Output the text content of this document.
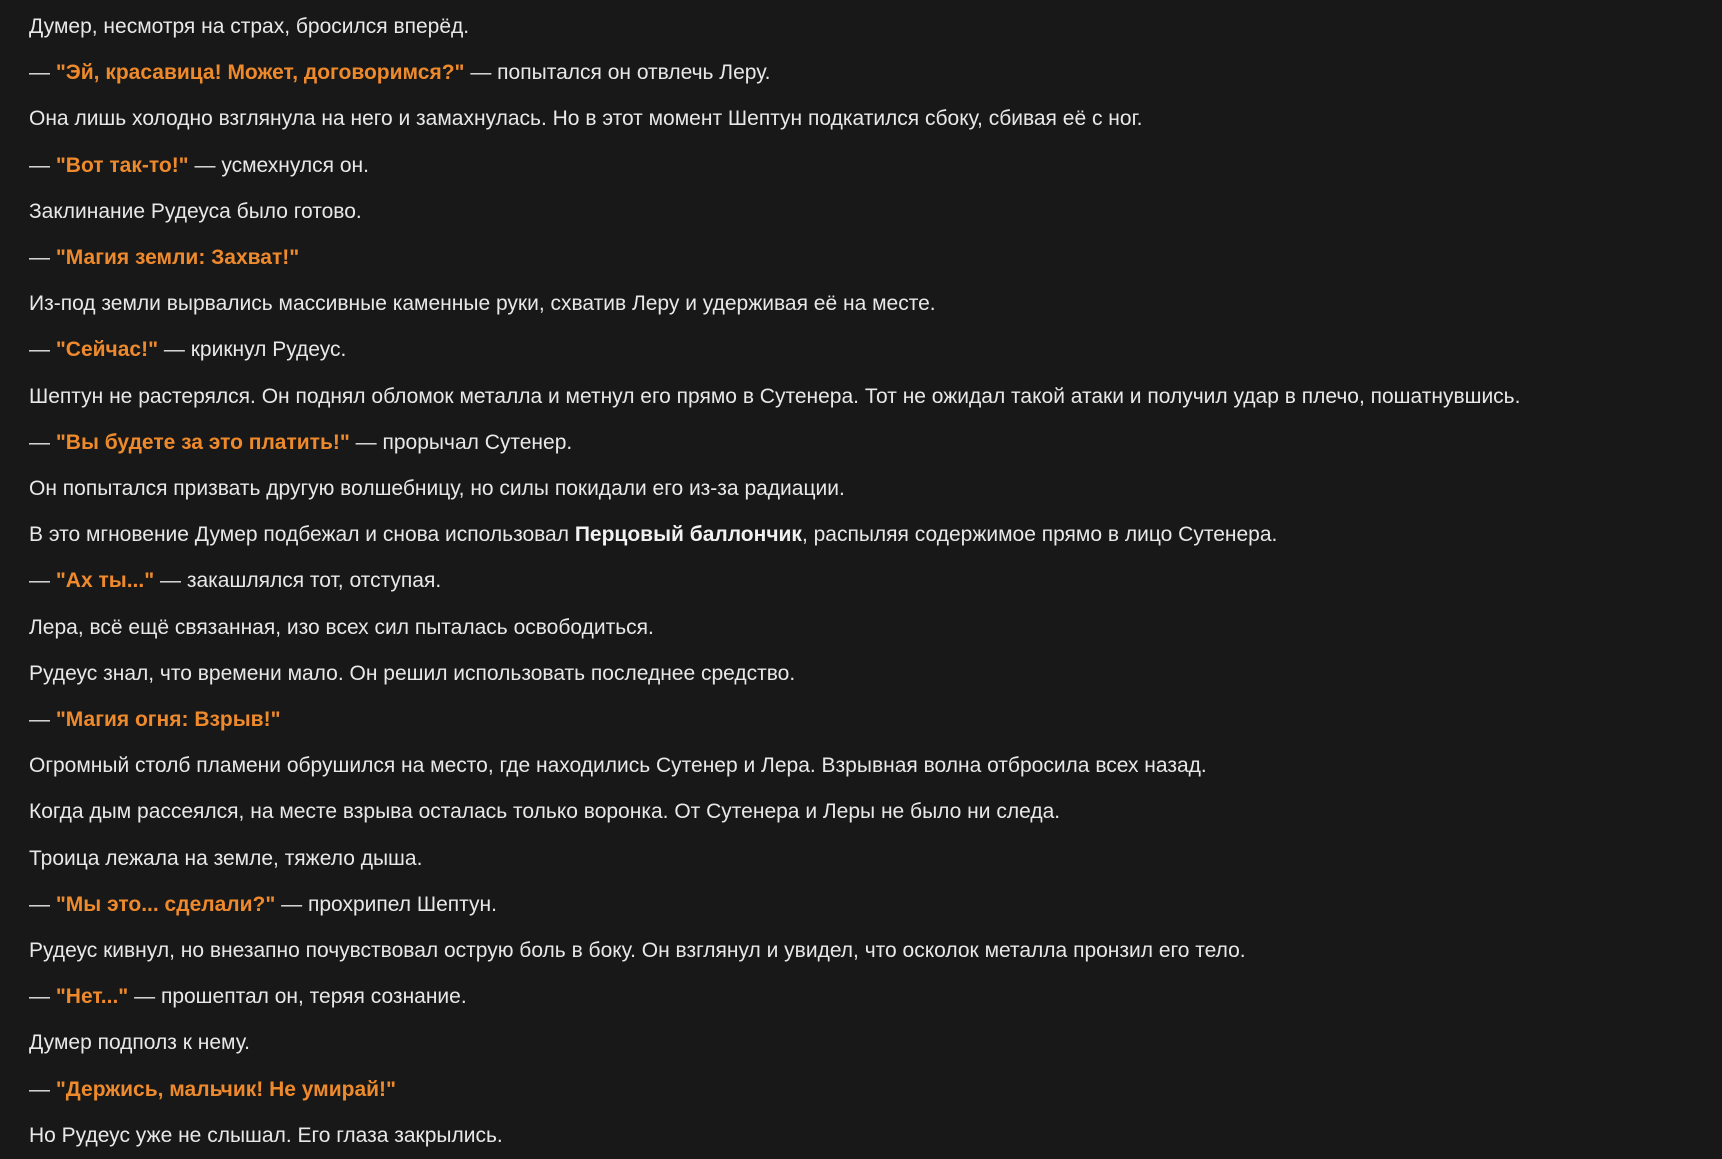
Думер, несмотря на страх, бросился вперёд.

— "Эй, красавица! Может, договоримся?" — попытался он отвлечь Леру.

Она лишь холодно взглянула на него и замахнулась. Но в этот момент Шептун подкатился сбоку, сбивая её с ног.

— "Вот так-то!" — усмехнулся он.

Заклинание Рудеуса было готово.

— "Магия земли: Захват!"

Из-под земли вырвались массивные каменные руки, схватив Леру и удерживая её на месте.

— "Сейчас!" — крикнул Рудеус.

Шептун не растерялся. Он поднял обломок металла и метнул его прямо в Сутенера. Тот не ожидал такой атаки и получил удар в плечо, пошатнувшись.

— "Вы будете за это платить!" — прорычал Сутенер.

Он попытался призвать другую волшебницу, но силы покидали его из-за радиации.

В это мгновение Думер подбежал и снова использовал Перцовый баллончик, распыляя содержимое прямо в лицо Сутенера.

— "Ах ты..." — закашлялся тот, отступая.

Лера, всё ещё связанная, изо всех сил пыталась освободиться.

Рудеус знал, что времени мало. Он решил использовать последнее средство.

— "Магия огня: Взрыв!"

Огромный столб пламени обрушился на место, где находились Сутенер и Лера. Взрывная волна отбросила всех назад.

Когда дым рассеялся, на месте взрыва осталась только воронка. От Сутенера и Леры не было ни следа.

Троица лежала на земле, тяжело дыша.

— "Мы это... сделали?" — прохрипел Шептун.

Рудеус кивнул, но внезапно почувствовал острую боль в боку. Он взглянул и увидел, что осколок металла пронзил его тело.

— "Нет..." — прошептал он, теряя сознание.

Думер подполз к нему.

— "Держись, мальчик! Не умирай!"

Но Рудеус уже не слышал. Его глаза закрылись.
